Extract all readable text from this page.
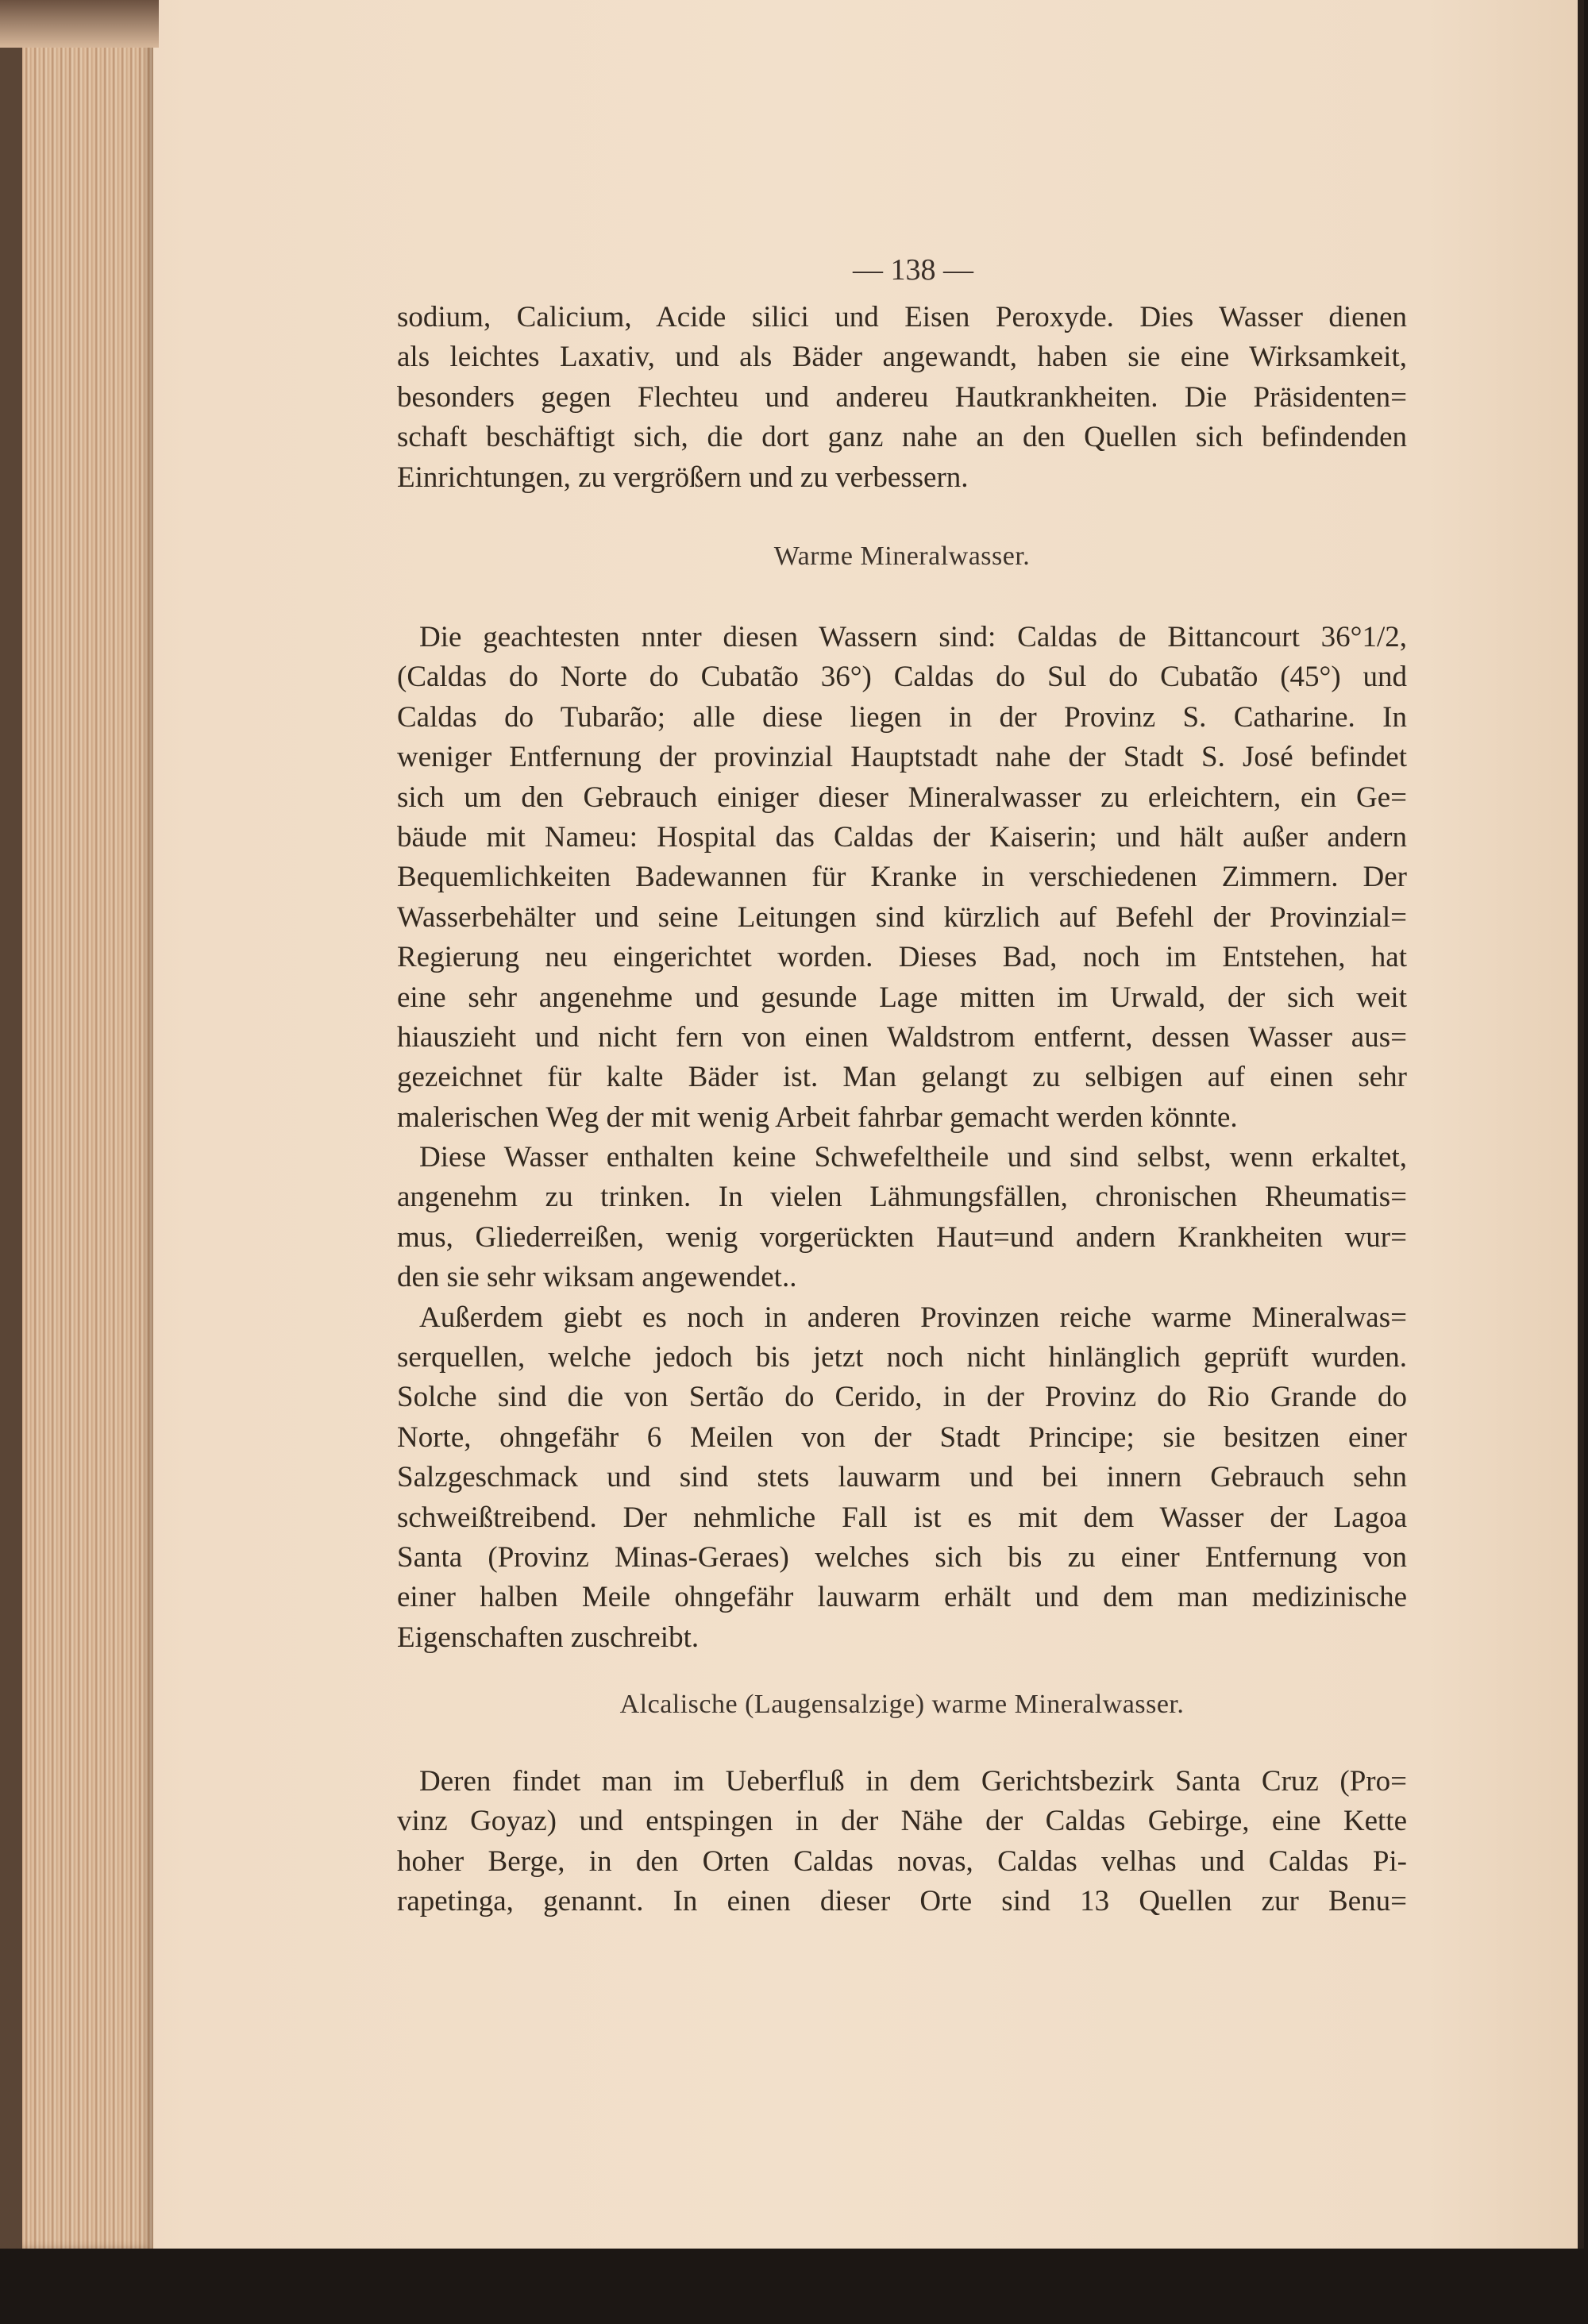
— 138 —
sodium, Calicium, Acide silici und Eisen Peroxyde. Dies Wasser dienen
als leichtes Laxativ, und als Bäder angewandt, haben sie eine Wirksamkeit,
besonders gegen Flechteu und andereu Hautkrankheiten. Die Präsidenten=
schaft beschäftigt sich, die dort ganz nahe an den Quellen sich befindenden
Einrichtungen, zu vergrößern und zu verbessern.
Warme Mineralwasser.
Die geachtesten nnter diesen Wassern sind: Caldas de Bittancourt 36°1/2,
(Caldas do Norte do Cubatão 36°) Caldas do Sul do Cubatão (45°) und
Caldas do Tubarão; alle diese liegen in der Provinz S. Catharine. In
weniger Entfernung der provinzial Hauptstadt nahe der Stadt S. José befindet
sich um den Gebrauch einiger dieser Mineralwasser zu erleichtern, ein Ge=
bäude mit Nameu: Hospital das Caldas der Kaiserin; und hält außer andern
Bequemlichkeiten Badewannen für Kranke in verschiedenen Zimmern. Der
Wasserbehälter und seine Leitungen sind kürzlich auf Befehl der Provinzial=
Regierung neu eingerichtet worden. Dieses Bad, noch im Entstehen, hat
eine sehr angenehme und gesunde Lage mitten im Urwald, der sich weit
hiauszieht und nicht fern von einen Waldstrom entfernt, dessen Wasser aus=
gezeichnet für kalte Bäder ist. Man gelangt zu selbigen auf einen sehr
malerischen Weg der mit wenig Arbeit fahrbar gemacht werden könnte.
Diese Wasser enthalten keine Schwefeltheile und sind selbst, wenn erkaltet,
angenehm zu trinken. In vielen Lähmungsfällen, chronischen Rheumatis=
mus, Gliederreißen, wenig vorgerückten Haut=und andern Krankheiten wur=
den sie sehr wiksam angewendet..
Außerdem giebt es noch in anderen Provinzen reiche warme Mineralwas=
serquellen, welche jedoch bis jetzt noch nicht hinlänglich geprüft wurden.
Solche sind die von Sertão do Cerido, in der Provinz do Rio Grande do
Norte, ohngefähr 6 Meilen von der Stadt Principe; sie besitzen einer
Salzgeschmack und sind stets lauwarm und bei innern Gebrauch sehn
schweißtreibend. Der nehmliche Fall ist es mit dem Wasser der Lagoa
Santa (Provinz Minas-Geraes) welches sich bis zu einer Entfernung von
einer halben Meile ohngefähr lauwarm erhält und dem man medizinische
Eigenschaften zuschreibt.
Alcalische (Laugensalzige) warme Mineralwasser.
Deren findet man im Ueberfluß in dem Gerichtsbezirk Santa Cruz (Pro=
vinz Goyaz) und entspingen in der Nähe der Caldas Gebirge, eine Kette
hoher Berge, in den Orten Caldas novas, Caldas velhas und Caldas Pi-
rapetinga, genannt. In einen dieser Orte sind 13 Quellen zur Benu=
